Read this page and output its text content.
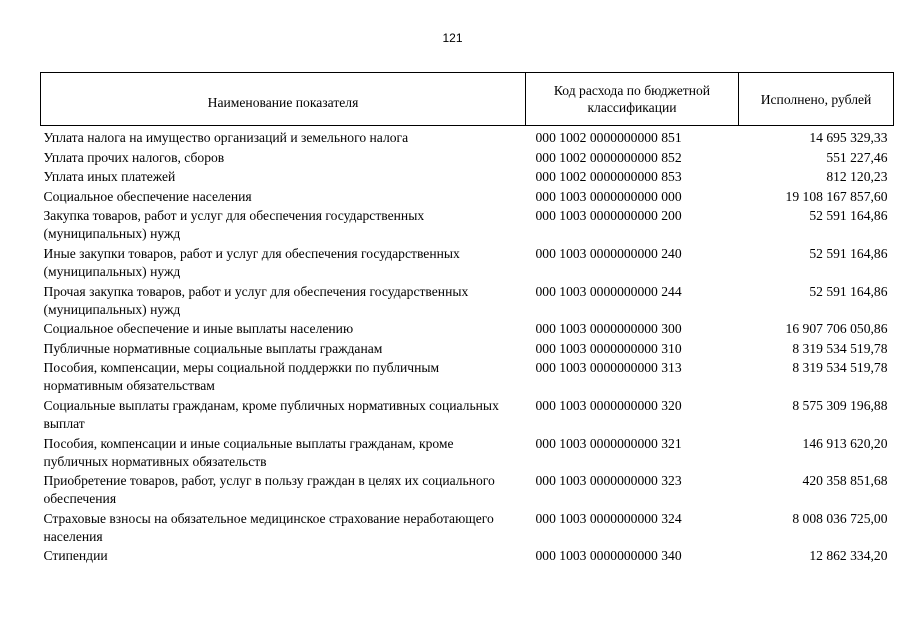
121
Наименование показателя	Код расхода по бюджетной классификации	Исполнено, рублей

Уплата налога на имущество организаций и земельного налога	000 1002 0000000000 851	14 695 329,33
Уплата прочих налогов, сборов	000 1002 0000000000 852	551 227,46
Уплата иных платежей	000 1002 0000000000 853	812 120,23
Социальное обеспечение населения	000 1003 0000000000 000	19 108 167 857,60
Закупка товаров, работ и услуг для обеспечения государственных (муниципальных) нужд	000 1003 0000000000 200	52 591 164,86
Иные закупки товаров, работ и услуг для обеспечения государственных (муниципальных) нужд	000 1003 0000000000 240	52 591 164,86
Прочая закупка товаров, работ и услуг для обеспечения государственных (муниципальных) нужд	000 1003 0000000000 244	52 591 164,86
Социальное обеспечение и иные выплаты населению	000 1003 0000000000 300	16 907 706 050,86
Публичные нормативные социальные выплаты гражданам	000 1003 0000000000 310	8 319 534 519,78
Пособия, компенсации, меры социальной поддержки по публичным нормативным обязательствам	000 1003 0000000000 313	8 319 534 519,78
Социальные выплаты гражданам, кроме публичных нормативных социальных выплат	000 1003 0000000000 320	8 575 309 196,88
Пособия, компенсации и иные социальные выплаты гражданам, кроме публичных нормативных обязательств	000 1003 0000000000 321	146 913 620,20
Приобретение товаров, работ, услуг в пользу граждан в целях их социального обеспечения	000 1003 0000000000 323	420 358 851,68
Страховые взносы на обязательное медицинское страхование неработающего населения	000 1003 0000000000 324	8 008 036 725,00
Стипендии	000 1003 0000000000 340	12 862 334,20
